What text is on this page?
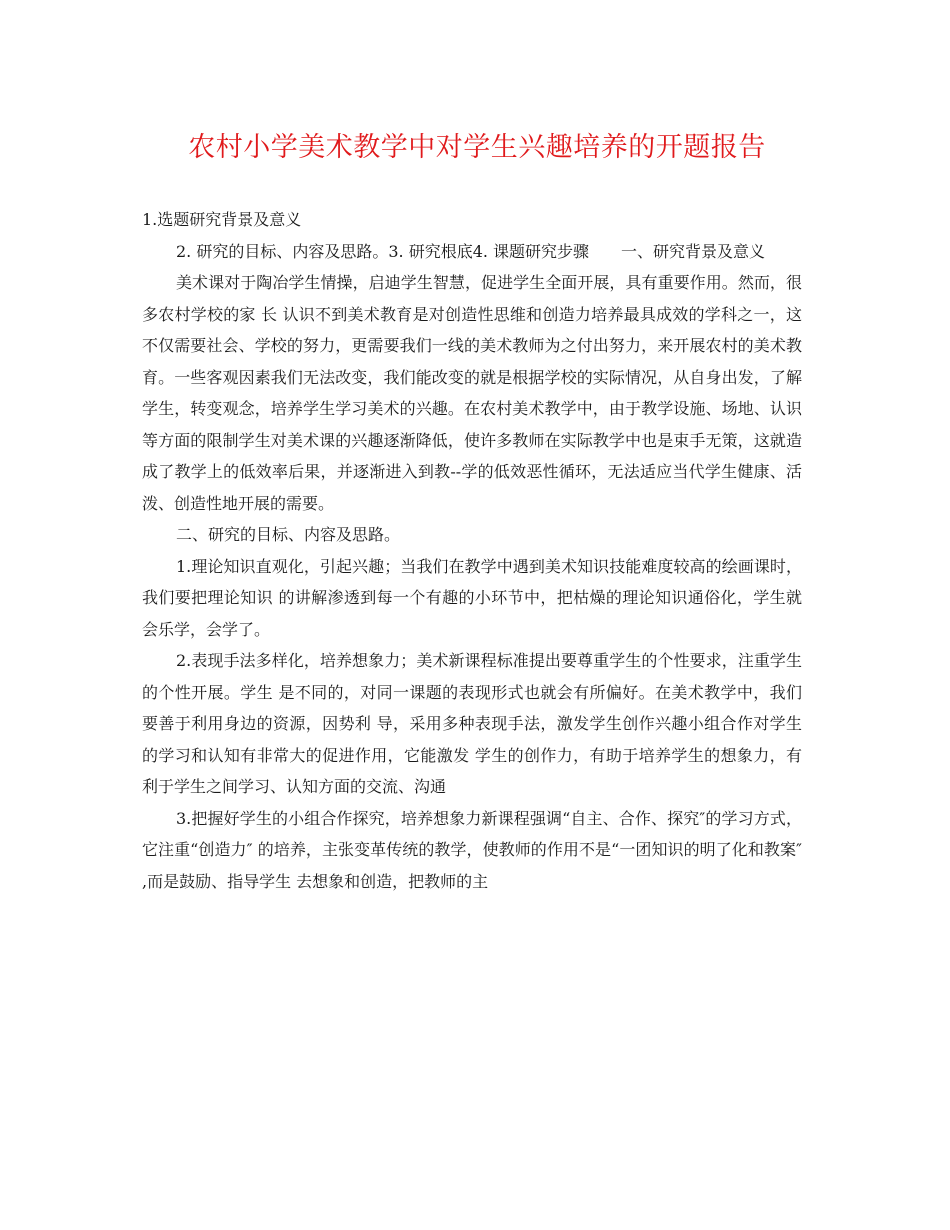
农村小学美术教学中对学生兴趣培养的开题报告

1.选题研究背景及意义

2. 研究的目标、内容及思路。3. 研究根底4. 课题研究步骤　　一、研究背景及意义

美术课对于陶冶学生情操，启迪学生智慧，促进学生全面开展，具有重要作用。然而，很多农村学校的家 长 认识不到美术教育是对创造性思维和创造力培养最具成效的学科之一，这不仅需要社会、学校的努力，更需要我们一线的美术教师为之付出努力，来开展农村的美术教育。一些客观因素我们无法改变，我们能改变的就是根据学校的实际情况，从自身出发，了解学生，转变观念，培养学生学习美术的兴趣。在农村美术教学中，由于教学设施、场地、认识等方面的限制学生对美术课的兴趣逐渐降低，使许多教师在实际教学中也是束手无策，这就造成了教学上的低效率后果，并逐渐进入到教--学的低效恶性循环，无法适应当代学生健康、活泼、创造性地开展的需要。

二、研究的目标、内容及思路。

1.理论知识直观化，引起兴趣；当我们在教学中遇到美术知识技能难度较高的绘画课时，我们要把理论知识 的讲解渗透到每一个有趣的小环节中，把枯燥的理论知识通俗化，学生就会乐学，会学了。

2.表现手法多样化，培养想象力；美术新课程标准提出要尊重学生的个性要求，注重学生的个性开展。学生 是不同的，对同一课题的表现形式也就会有所偏好。在美术教学中，我们要善于利用身边的资源，因势利 导，采用多种表现手法，激发学生创作兴趣小组合作对学生的学习和认知有非常大的促进作用，它能激发 学生的创作力，有助于培养学生的想象力，有利于学生之间学习、认知方面的交流、沟通

3.把握好学生的小组合作探究，培养想象力新课程强调“自主、合作、探究″的学习方式，它注重“创造力″ 的培养，主张变革传统的教学，使教师的作用不是“一团知识的明了化和教案″ ,而是鼓励、指导学生 去想象和创造，把教师的主
